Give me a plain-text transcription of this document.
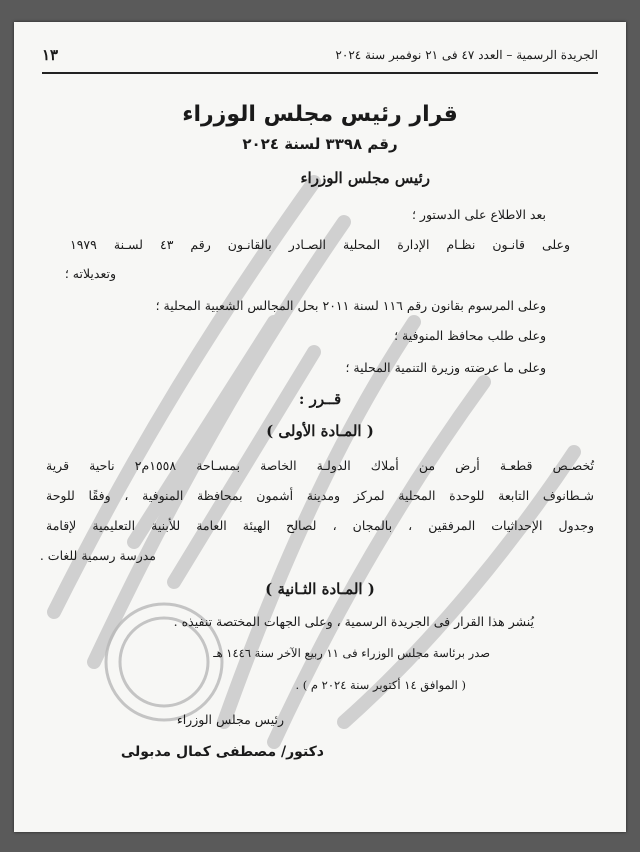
الجريدة الرسمية – العدد ٤٧ فى ٢١ نوفمبر سنة ٢٠٢٤
١٣
قرار رئيس مجلس الوزراء
رقم ٣٣٩٨ لسنة ٢٠٢٤
رئيس مجلس الوزراء
بعد الاطلاع على الدستور ؛
وعلى قانـون نظـام الإدارة المحلية الصـادر بالقانـون رقم ٤٣ لسـنة ١٩٧٩
وتعديلاته ؛
وعلى المرسوم بقانون رقم ١١٦ لسنة ٢٠١١ بحل المجالس الشعبية المحلية ؛
وعلى طلب محافظ المنوفية ؛
وعلى ما عرضته وزيرة التنمية المحلية ؛
قــرر :
( المـادة الأولى )
تُخصـص قطعـة أرض من أملاك الدولـة الخاصة بمسـاحة ١٥٥٨م٢ ناحية قرية
شـطانوف التابعة للوحدة المحلية لمركز ومدينة أشمون بمحافظة المنوفية ، وفقًا للوحة
وجدول الإحداثيات المرفقين ، بالمجان ، لصالح الهيئة العامة للأبنية التعليمية لإقامة
مدرسة رسمية للغات .
( المـادة الثـانية )
يُنشر هذا القرار فى الجريدة الرسمية ، وعلى الجهات المختصة تنفيذه .
صدر برئاسة مجلس الوزراء فى ١١ ربيع الآخر سنة ١٤٤٦ هـ
( الموافق ١٤ أكتوبر سنة ٢٠٢٤ م ) .
رئيس مجلس الوزراء
دكتور/ مصطفى كمال مدبولى
